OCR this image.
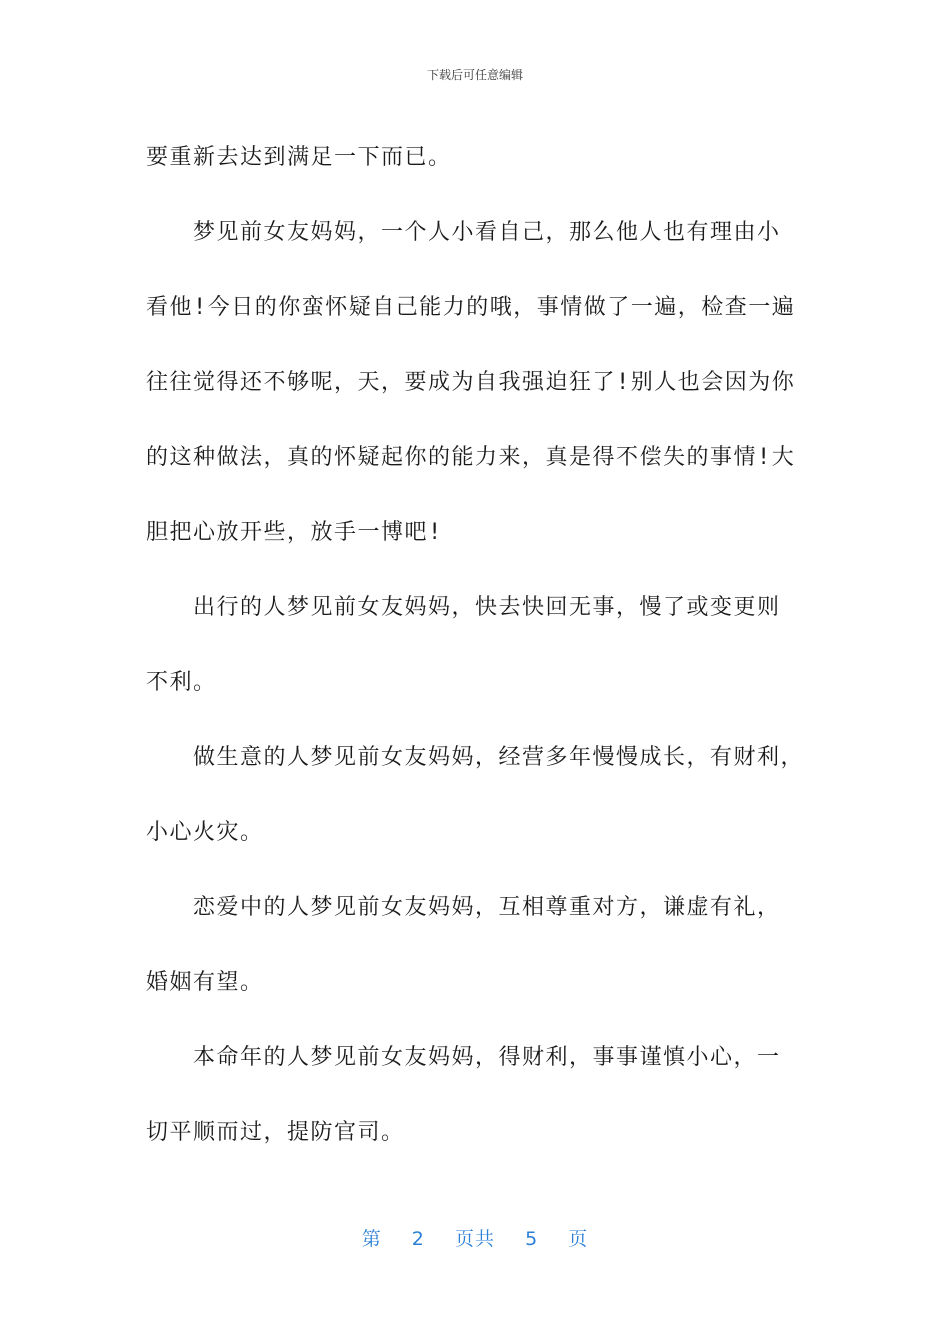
下载后可任意编辑
要重新去达到满足一下而已。
梦见前女友妈妈，一个人小看自己，那么他人也有理由小
看他!今日的你蛮怀疑自己能力的哦，事情做了一遍，检查一遍
往往觉得还不够呢，天，要成为自我强迫狂了!别人也会因为你
的这种做法，真的怀疑起你的能力来，真是得不偿失的事情!大
胆把心放开些，放手一博吧!
出行的人梦见前女友妈妈，快去快回无事，慢了或变更则
不利。
做生意的人梦见前女友妈妈，经营多年慢慢成长，有财利，
小心火灾。
恋爱中的人梦见前女友妈妈，互相尊重对方，谦虚有礼，
婚姻有望。
本命年的人梦见前女友妈妈，得财利，事事谨慎小心，一
切平顺而过，提防官司。
第 2 页共 5 页
